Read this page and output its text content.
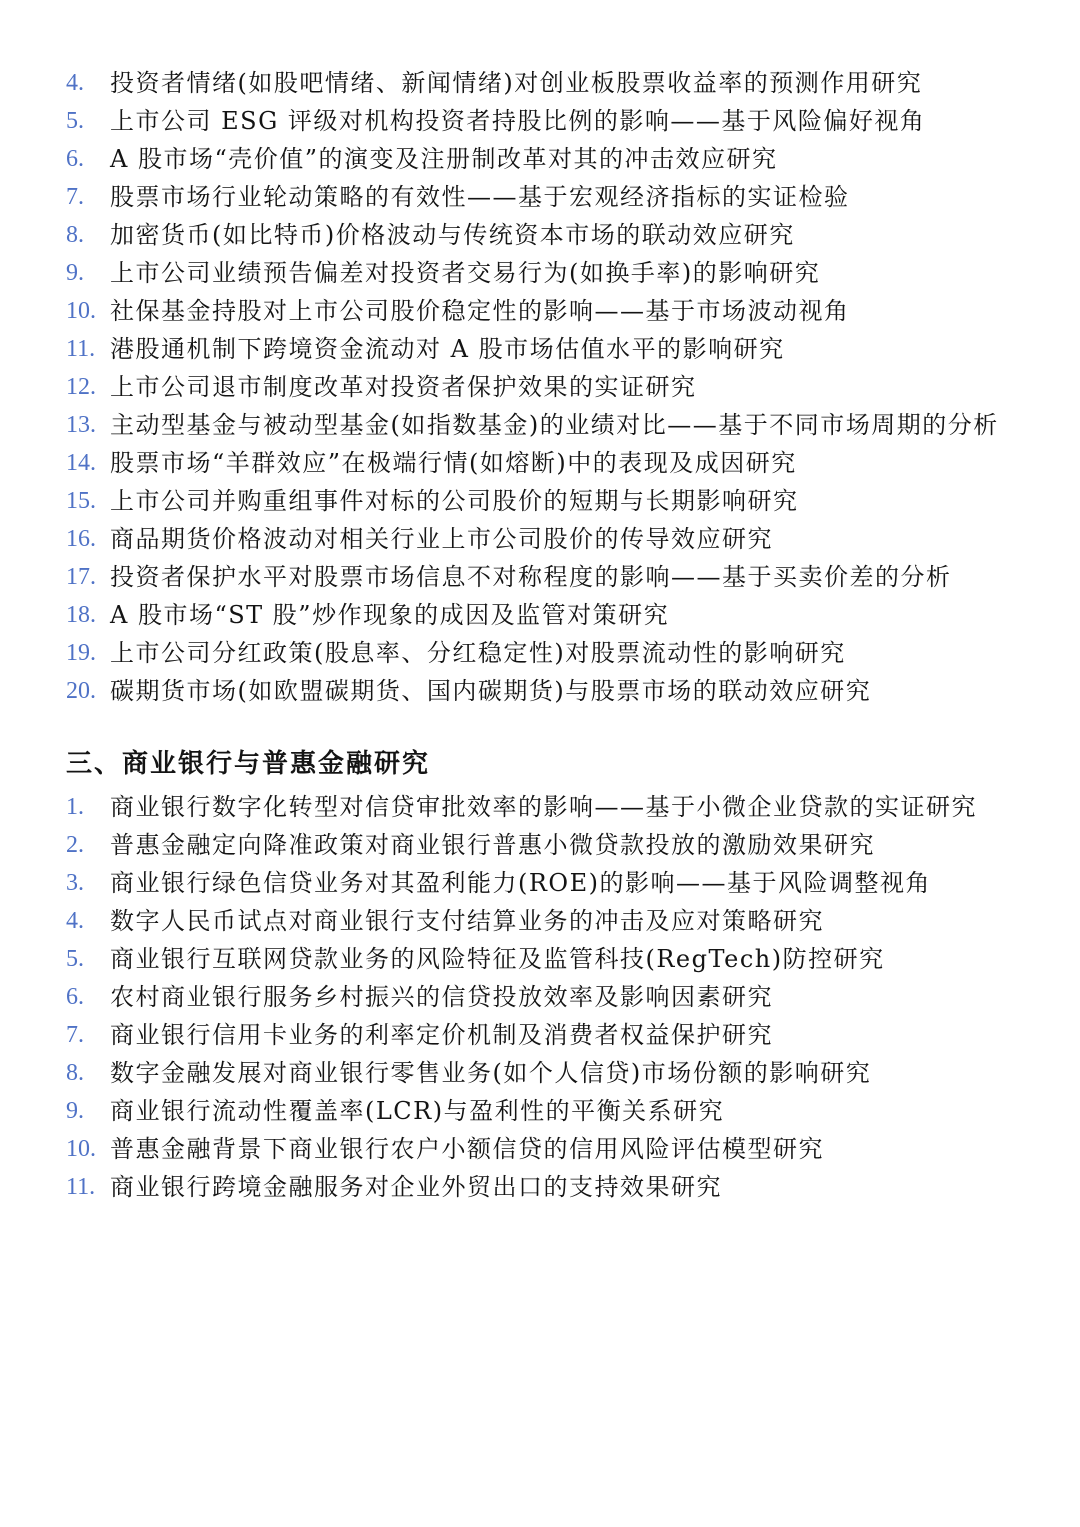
4.	投资者情绪(如股吧情绪、新闻情绪)对创业板股票收益率的预测作用研究
5.	上市公司 ESG 评级对机构投资者持股比例的影响——基于风险偏好视角
6.	A 股市场“壳价值”的演变及注册制改革对其的冲击效应研究
7.	股票市场行业轮动策略的有效性——基于宏观经济指标的实证检验
8.	加密货币(如比特币)价格波动与传统资本市场的联动效应研究
9.	上市公司业绩预告偏差对投资者交易行为(如换手率)的影响研究
10. 社保基金持股对上市公司股价稳定性的影响——基于市场波动视角
11. 港股通机制下跨境资金流动对 A 股市场估值水平的影响研究
12. 上市公司退市制度改革对投资者保护效果的实证研究
13. 主动型基金与被动型基金(如指数基金)的业绩对比——基于不同市场周期的分析
14. 股票市场“羊群效应”在极端行情(如熔断)中的表现及成因研究
15. 上市公司并购重组事件对标的公司股价的短期与长期影响研究
16. 商品期货价格波动对相关行业上市公司股价的传导效应研究
17. 投资者保护水平对股票市场信息不对称程度的影响——基于买卖价差的分析
18. A 股市场“ST 股”炒作现象的成因及监管对策研究
19. 上市公司分红政策(股息率、分红稳定性)对股票流动性的影响研究
20. 碳期货市场(如欧盟碳期货、国内碳期货)与股票市场的联动效应研究
三、商业银行与普惠金融研究
1.	商业银行数字化转型对信贷审批效率的影响——基于小微企业贷款的实证研究
2.	普惠金融定向降准政策对商业银行普惠小微贷款投放的激励效果研究
3.	商业银行绿色信贷业务对其盈利能力(ROE)的影响——基于风险调整视角
4.	数字人民币试点对商业银行支付结算业务的冲击及应对策略研究
5.	商业银行互联网贷款业务的风险特征及监管科技(RegTech)防控研究
6.	农村商业银行服务乡村振兴的信贷投放效率及影响因素研究
7.	商业银行信用卡业务的利率定价机制及消费者权益保护研究
8.	数字金融发展对商业银行零售业务(如个人信贷)市场份额的影响研究
9.	商业银行流动性覆盖率(LCR)与盈利性的平衡关系研究
10. 普惠金融背景下商业银行农户小额信贷的信用风险评估模型研究
11. 商业银行跨境金融服务对企业外贸出口的支持效果研究
